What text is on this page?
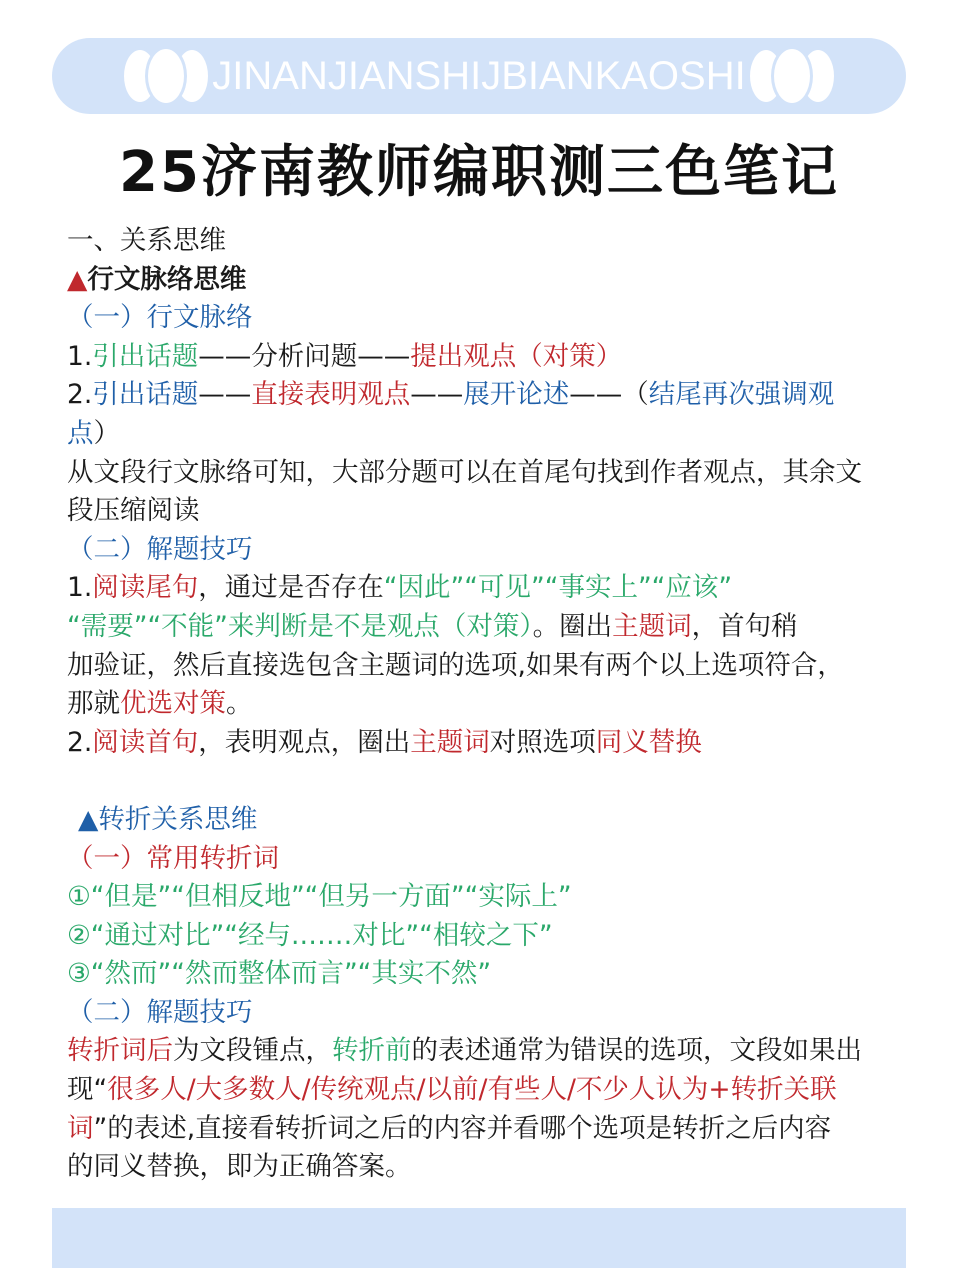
JINANJIANSHIJBIANKAOSHI
25济南教师编职测三色笔记
一、关系思维
▲行文脉络思维
（一）行文脉络
1.引出话题——分析问题——提出观点（对策）
2.引出话题——直接表明观点——展开论述——（结尾再次强调观
点）
从文段行文脉络可知，大部分题可以在首尾句找到作者观点，其余文
段压缩阅读
（二）解题技巧
1.阅读尾句，通过是否存在“因此”“可见”“事实上”“应该”
“需要”“不能”来判断是不是观点（对策）。圈出主题词，首句稍
加验证，然后直接选包含主题词的选项,如果有两个以上选项符合，
那就优选对策。
2.阅读首句，表明观点，圈出主题词对照选项同义替换
▲转折关系思维
（一）常用转折词
①“但是”“但相反地”“但另一方面”“实际上”
②“通过对比”“经与.……对比”“相较之下”
③“然而”“然而整体而言”“其实不然”
（二）解题技巧
转折词后为文段锺点，转折前的表述通常为错误的选项，文段如果出
现“很多人/大多数人/传统观点/以前/有些人/不少人认为+转折关联
词”的表述,直接看转折词之后的内容并看哪个选项是转折之后内容
的同义替换，即为正确答案。
